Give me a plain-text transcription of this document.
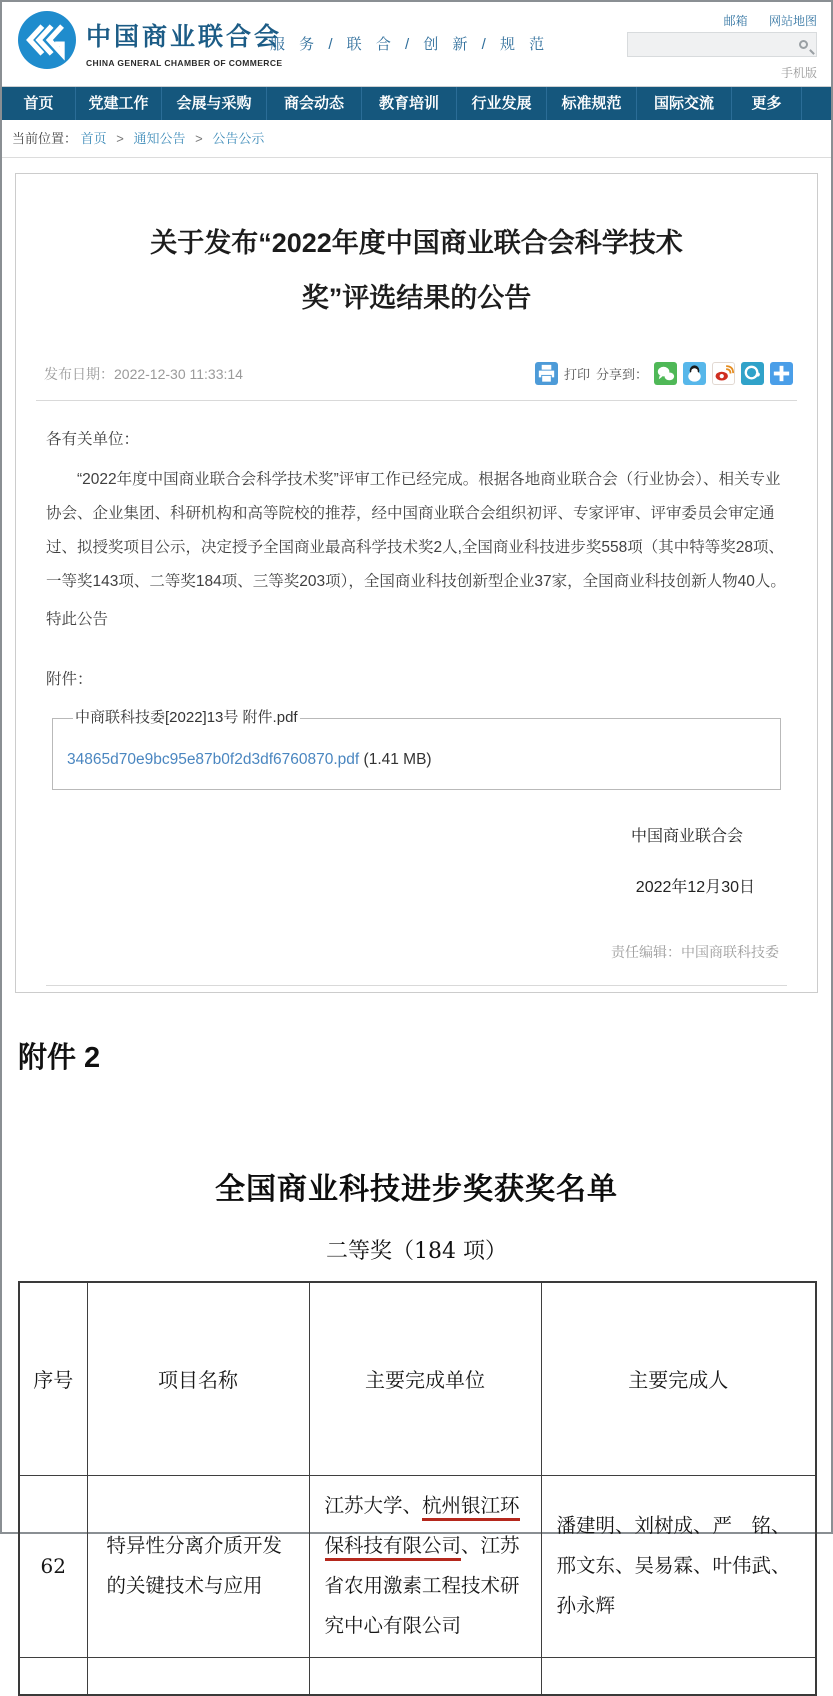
中国商业联合会
CHINA GENERAL CHAMBER OF COMMERCE
服 务 / 联 合 / 创 新 / 规 范
邮箱 网站地图
手机版
首页	党建工作	会展与采购	商会动态	教育培训	行业发展	标准规范	国际交流	更多
当前位置： 首页 > 通知公告 > 公告公示
关于发布“2022年度中国商业联合会科学技术奖”评选结果的公告
发布日期：2022-12-30 11:33:14	打印 分享到：

各有关单位：

“2022年度中国商业联合会科学技术奖”评审工作已经完成。根据各地商业联合会（行业协会）、相关专业协会、企业集团、科研机构和高等院校的推荐，经中国商业联合会组织初评、专家评审、评审委员会审定通过、拟授奖项目公示，决定授予全国商业最高科学技术奖2人,全国商业科技进步奖558项（其中特等奖28项、一等奖143项、二等奖184项、三等奖203项），全国商业科技创新型企业37家，全国商业科技创新人物40人。

特此公告

附件：

中商联科技委[2022]13号 附件.pdf
34865d70e9bc95e87b0f2d3df6760870.pdf (1.41 MB)
中国商业联合会
2022年12月30日
责任编辑：中国商联科技委
附件 2
全国商业科技进步奖获奖名单
二等奖（184 项）
序号	项目名称	主要完成单位	主要完成人
62	特异性分离介质开发的关键技术与应用	江苏大学、杭州银江环保科技有限公司、江苏省农用激素工程技术研究中心有限公司	潘建明、刘树成、严　铭、邢文东、吴易霖、叶伟武、孙永辉
